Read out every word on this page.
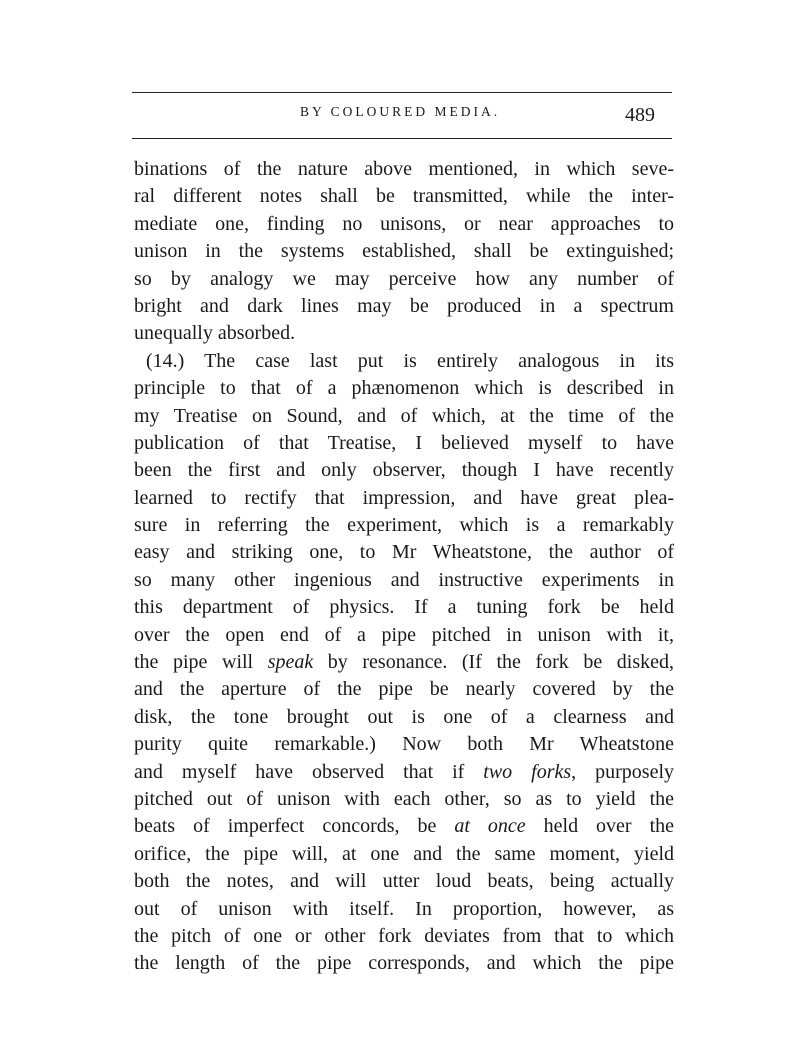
BY COLOURED MEDIA.	489
binations of the nature above mentioned, in which seve-
ral different notes shall be transmitted, while the inter-
mediate one, finding no unisons, or near approaches to
unison in the systems established, shall be extinguished;
so by analogy we may perceive how any number of
bright and dark lines may be produced in a spectrum
unequally absorbed.
(14.) The case last put is entirely analogous in its
principle to that of a phænomenon which is described in
my Treatise on Sound, and of which, at the time of the
publication of that Treatise, I believed myself to have
been the first and only observer, though I have recently
learned to rectify that impression, and have great plea-
sure in referring the experiment, which is a remarkably
easy and striking one, to Mr Wheatstone, the author of
so many other ingenious and instructive experiments in
this department of physics. If a tuning fork be held
over the open end of a pipe pitched in unison with it,
the pipe will speak by resonance. (If the fork be disked,
and the aperture of the pipe be nearly covered by the
disk, the tone brought out is one of a clearness and
purity quite remarkable.) Now both Mr Wheatstone
and myself have observed that if two forks, purposely
pitched out of unison with each other, so as to yield the
beats of imperfect concords, be at once held over the
orifice, the pipe will, at one and the same moment, yield
both the notes, and will utter loud beats, being actually
out of unison with itself. In proportion, however, as
the pitch of one or other fork deviates from that to which
the length of the pipe corresponds, and which the pipe
